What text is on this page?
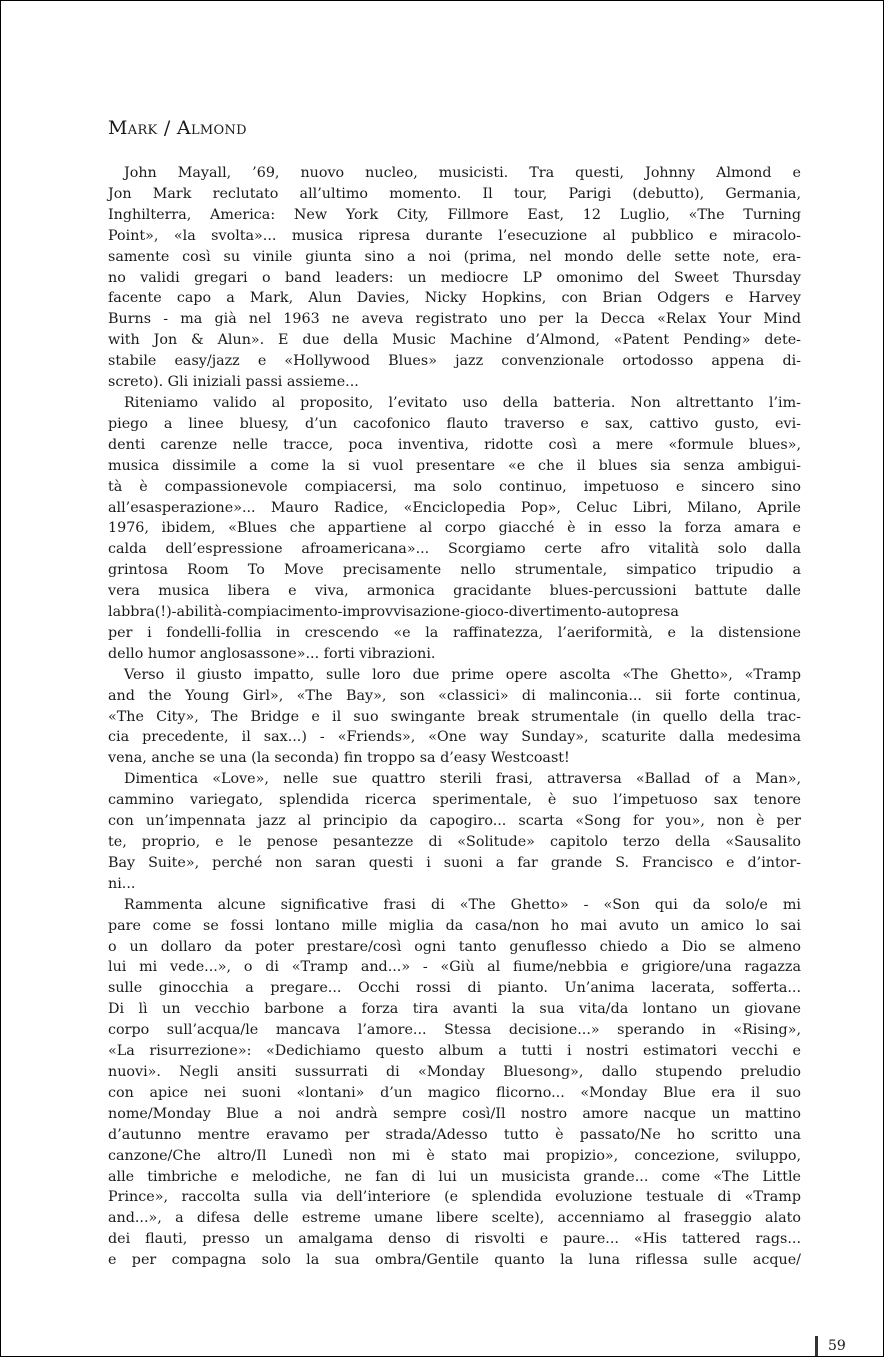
Mark / Almond
John Mayall, ’69, nuovo nucleo, musicisti. Tra questi, Johnny Almond e
Jon Mark reclutato all’ultimo momento. Il tour, Parigi (debutto), Germania,
Inghilterra, America: New York City, Fillmore East, 12 Luglio, «The Turning
Point», «la svolta»... musica ripresa durante l’esecuzione al pubblico e miracolo-
samente così su vinile giunta sino a noi (prima, nel mondo delle sette note, era-
no validi gregari o band leaders: un mediocre LP omonimo del Sweet Thursday
facente capo a Mark, Alun Davies, Nicky Hopkins, con Brian Odgers e Harvey
Burns - ma già nel 1963 ne aveva registrato uno per la Decca «Relax Your Mind
with Jon & Alun». E due della Music Machine d’Almond, «Patent Pending» dete-
stabile easy/jazz e «Hollywood Blues» jazz convenzionale ortodosso appena di-
screto). Gli iniziali passi assieme...
Riteniamo valido al proposito, l’evitato uso della batteria. Non altrettanto l’im-
piego a linee bluesy, d’un cacofonico flauto traverso e sax, cattivo gusto, evi-
denti carenze nelle tracce, poca inventiva, ridotte così a mere «formule blues»,
musica dissimile a come la si vuol presentare «e che il blues sia senza ambigui-
tà è compassionevole compiacersi, ma solo continuo, impetuoso e sincero sino
all’esasperazione»... Mauro Radice, «Enciclopedia Pop», Celuc Libri, Milano, Aprile
1976, ibidem, «Blues che appartiene al corpo giacché è in esso la forza amara e
calda dell’espressione afroamericana»... Scorgiamo certe afro vitalità solo dalla
grintosa Room To Move precisamente nello strumentale, simpatico tripudio a
vera musica libera e viva, armonica gracidante blues-percussioni battute dalle
labbra(!)-abilità-compiacimento-improvvisazione-gioco-divertimento-autopresa
per i fondelli-follia in crescendo «e la raffinatezza, l’aeriformità, e la distensione
dello humor anglosassone»... forti vibrazioni.
Verso il giusto impatto, sulle loro due prime opere ascolta «The Ghetto», «Tramp
and the Young Girl», «The Bay», son «classici» di malinconia... sii forte continua,
«The City», The Bridge e il suo swingante break strumentale (in quello della trac-
cia precedente, il sax...) - «Friends», «One way Sunday», scaturite dalla medesima
vena, anche se una (la seconda) fin troppo sa d’easy Westcoast!
Dimentica «Love», nelle sue quattro sterili frasi, attraversa «Ballad of a Man»,
cammino variegato, splendida ricerca sperimentale, è suo l’impetuoso sax tenore
con un’impennata jazz al principio da capogiro... scarta «Song for you», non è per
te, proprio, e le penose pesantezze di «Solitude» capitolo terzo della «Sausalito
Bay Suite», perché non saran questi i suoni a far grande S. Francisco e d’intor-
ni...
Rammenta alcune significative frasi di «The Ghetto» - «Son qui da solo/e mi
pare come se fossi lontano mille miglia da casa/non ho mai avuto un amico lo sai
o un dollaro da poter prestare/così ogni tanto genuflesso chiedo a Dio se almeno
lui mi vede...», o di «Tramp and...» - «Giù al fiume/nebbia e grigiore/una ragazza
sulle ginocchia a pregare... Occhi rossi di pianto. Un’anima lacerata, sofferta...
Di lì un vecchio barbone a forza tira avanti la sua vita/da lontano un giovane
corpo sull’acqua/le mancava l’amore... Stessa decisione...» sperando in «Rising»,
«La risurrezione»: «Dedichiamo questo album a tutti i nostri estimatori vecchi e
nuovi». Negli ansiti sussurrati di «Monday Bluesong», dallo stupendo preludio
con apice nei suoni «lontani» d’un magico flicorno... «Monday Blue era il suo
nome/Monday Blue a noi andrà sempre così/Il nostro amore nacque un mattino
d’autunno mentre eravamo per strada/Adesso tutto è passato/Ne ho scritto una
canzone/Che altro/Il Lunedì non mi è stato mai propizio», concezione, sviluppo,
alle timbriche e melodiche, ne fan di lui un musicista grande... come «The Little
Prince», raccolta sulla via dell’interiore (e splendida evoluzione testuale di «Tramp
and...», a difesa delle estreme umane libere scelte), accenniamo al fraseggio alato
dei flauti, presso un amalgama denso di risvolti e paure... «His tattered rags...
e per compagna solo la sua ombra/Gentile quanto la luna riflessa sulle acque/
59
